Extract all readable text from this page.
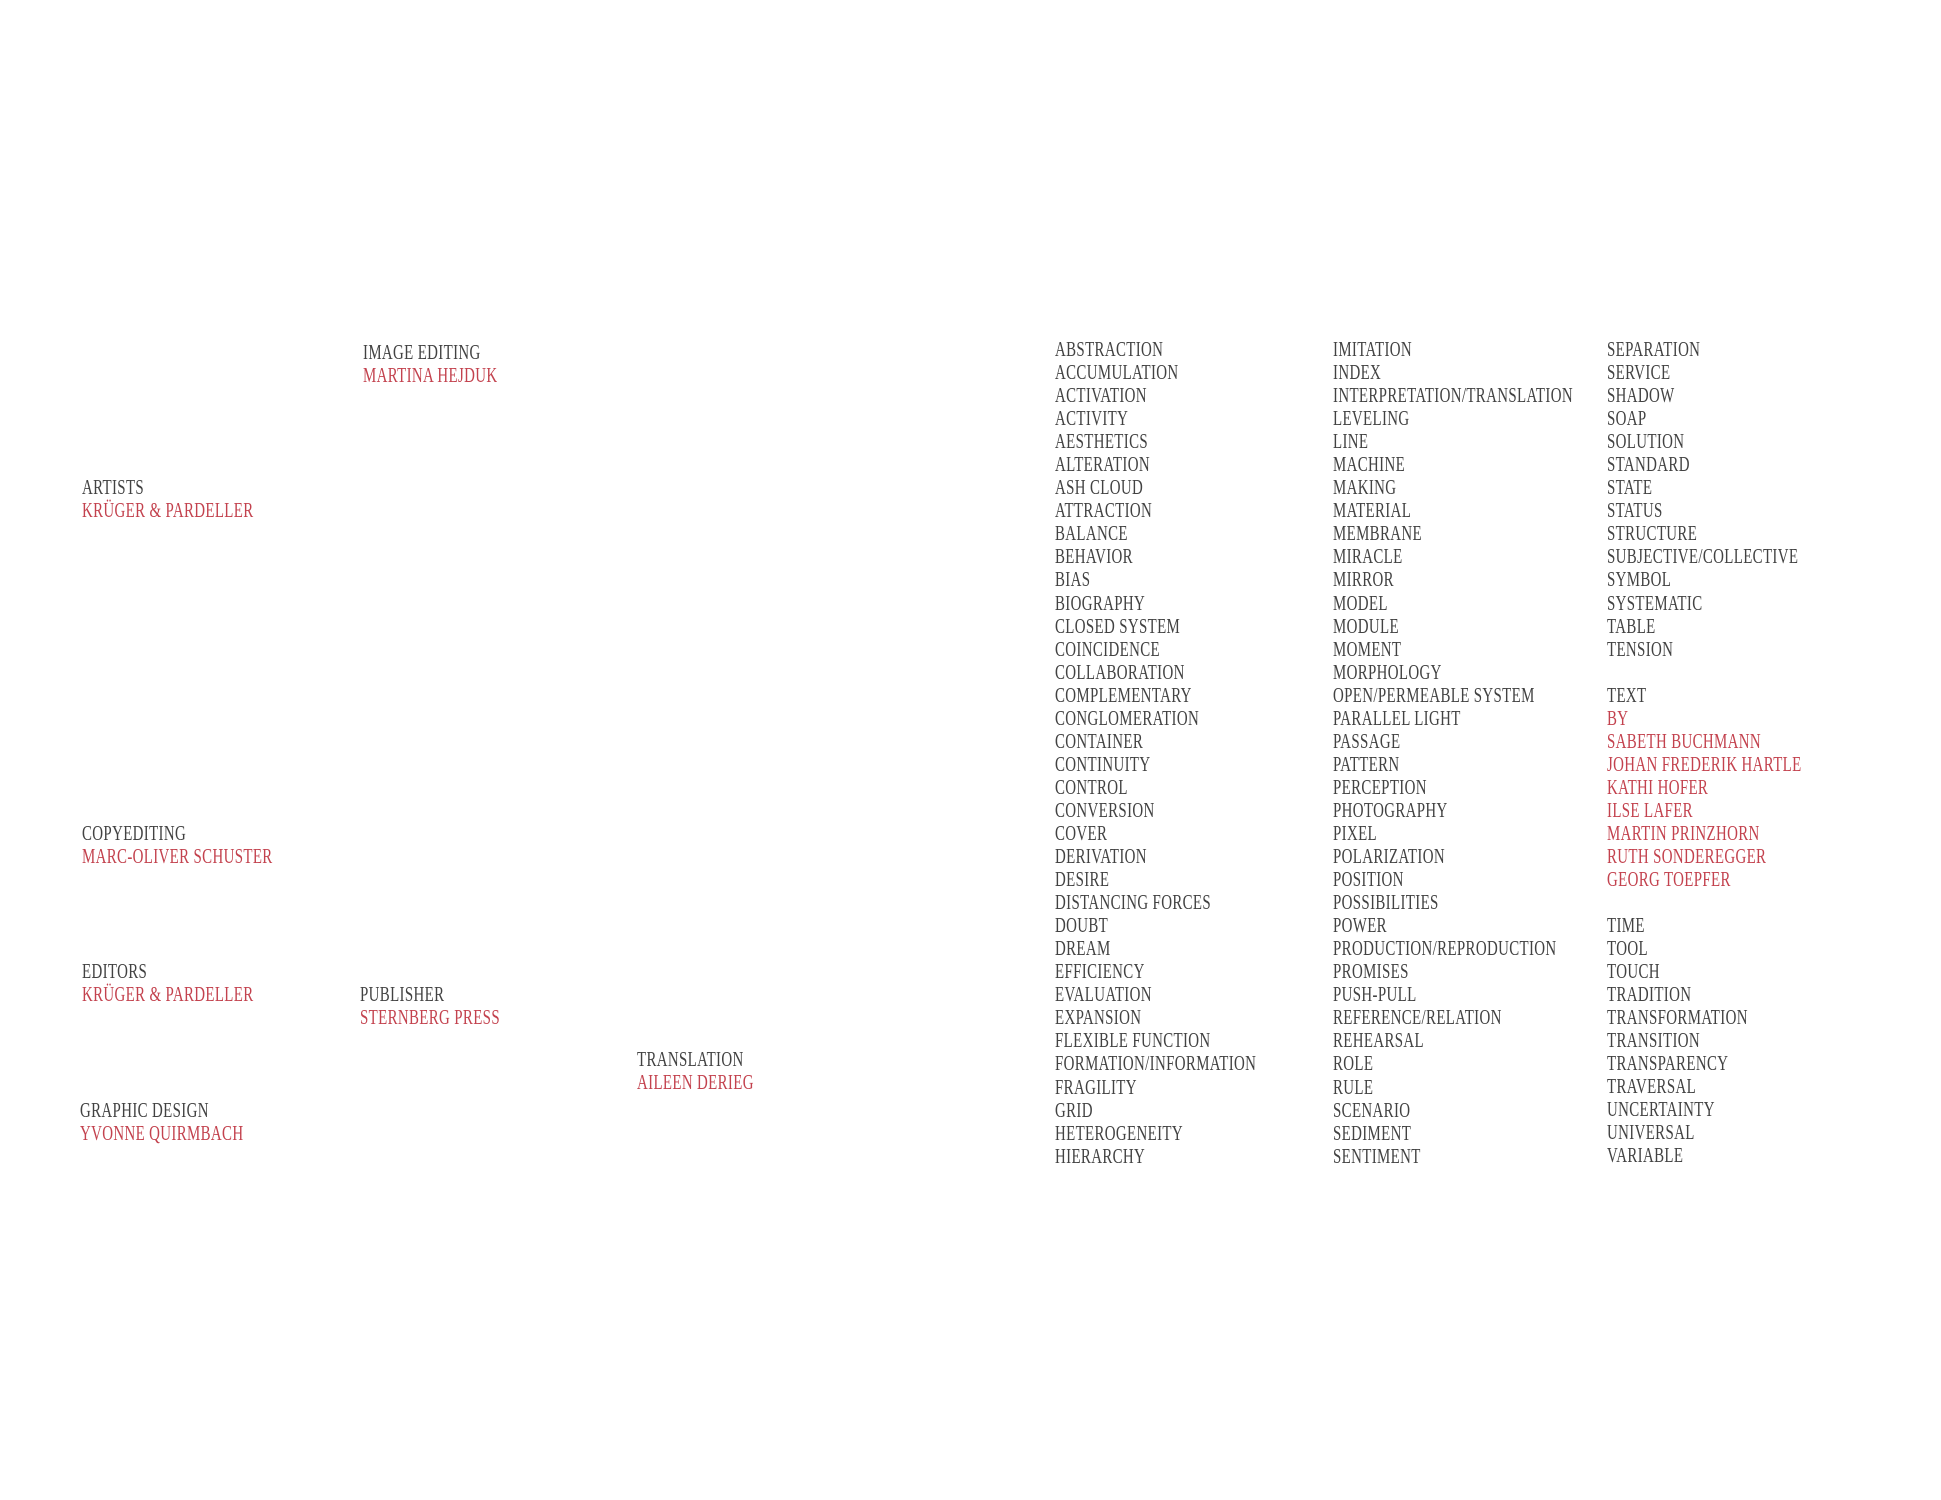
IMAGE EDITING
MARTINA HEJDUK
ARTISTS
KRÜGER & PARDELLER
COPYEDITING
MARC-OLIVER SCHUSTER
EDITORS
KRÜGER & PARDELLER	PUBLISHER
STERNBERG PRESS
TRANSLATION
AILEEN DERIEG
GRAPHIC DESIGN
YVONNE QUIRMBACH
ABSTRACTION
ACCUMULATION
ACTIVATION
ACTIVITY
AESTHETICS
ALTERATION
ASH CLOUD
ATTRACTION
BALANCE
BEHAVIOR
BIAS
BIOGRAPHY
CLOSED SYSTEM
COINCIDENCE
COLLABORATION
COMPLEMENTARY
CONGLOMERATION
CONTAINER
CONTINUITY
CONTROL
CONVERSION
COVER
DERIVATION
DESIRE
DISTANCING FORCES
DOUBT
DREAM
EFFICIENCY
EVALUATION
EXPANSION
FLEXIBLE FUNCTION
FORMATION/INFORMATION
FRAGILITY
GRID
HETEROGENEITY
HIERARCHY
IMITATION
INDEX
INTERPRETATION/TRANSLATION
LEVELING
LINE
MACHINE
MAKING
MATERIAL
MEMBRANE
MIRACLE
MIRROR
MODEL
MODULE
MOMENT
MORPHOLOGY
OPEN/PERMEABLE SYSTEM
PARALLEL LIGHT
PASSAGE
PATTERN
PERCEPTION
PHOTOGRAPHY
PIXEL
POLARIZATION
POSITION
POSSIBILITIES
POWER
PRODUCTION/REPRODUCTION
PROMISES
PUSH-PULL
REFERENCE/RELATION
REHEARSAL
ROLE
RULE
SCENARIO
SEDIMENT
SENTIMENT
SEPARATION
SERVICE
SHADOW
SOAP
SOLUTION
STANDARD
STATE
STATUS
STRUCTURE
SUBJECTIVE/COLLECTIVE
SYMBOL
SYSTEMATIC
TABLE
TENSION
TEXT
BY
SABETH BUCHMANN
JOHAN FREDERIK HARTLE
KATHI HOFER
ILSE LAFER
MARTIN PRINZHORN
RUTH SONDEREGGER
GEORG TOEPFER
TIME
TOOL
TOUCH
TRADITION
TRANSFORMATION
TRANSITION
TRANSPARENCY
TRAVERSAL
UNCERTAINTY
UNIVERSAL
VARIABLE
